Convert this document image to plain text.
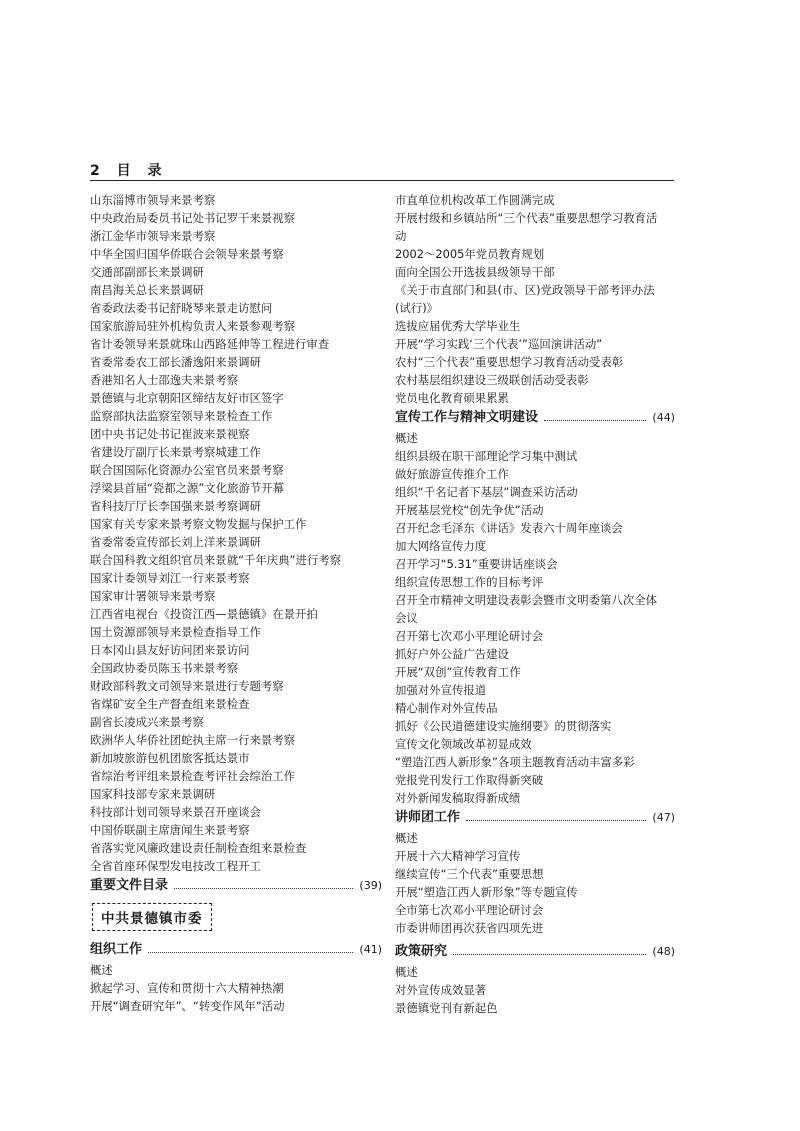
2 目 录
山东淄博市领导来景考察
中央政治局委员书记处书记罗干来景视察
浙江金华市领导来景考察
中华全国归国华侨联合会领导来景考察
交通部副部长来景调研
南昌海关总长来景调研
省委政法委书记舒晓琴来景走访慰问
国家旅游局驻外机构负责人来景参观考察
省计委领导来景就珠山西路延伸等工程进行审查
省委常委农工部长潘逸阳来景调研
香港知名人士邵逸夫来景考察
景德镇与北京朝阳区缔结友好市区签字
监察部执法监察室领导来景检查工作
团中央书记处书记崔波来景视察
省建设厅副厅长来景考察城建工作
联合国国际化资源办公室官员来景考察
浮梁县首届“瓷都之源”文化旅游节开幕
省科技厅厅长李国强来景考察调研
国家有关专家来景考察文物发掘与保护工作
省委常委宣传部长刘上洋来景调研
联合国科教文组织官员来景就“千年庆典”进行考察
国家计委领导刘江一行来景考察
国家审计署领导来景考察
江西省电视台《投资江西—景德镇》在景开拍
国土资源部领导来景检查指导工作
日本冈山县友好访问团来景访问
全国政协委员陈玉书来景考察
财政部科教文司领导来景进行专题考察
省煤矿安全生产督查组来景检查
副省长凌成兴来景考察
欧洲华人华侨社团蛇执主席一行来景考察
新加坡旅游包机团旅客抵达景市
省综治考评组来景检查考评社会综治工作
国家科技部专家来景调研
科技部计划司领导来景召开座谈会
中国侨联副主席唐闻生来景考察
省落实党风廉政建设责任制检查组来景检查
全省首座环保型发电技改工程开工
重要文件目录	(39)
中共景德镇市委
组织工作	(41)
概述
掀起学习、宣传和贯彻十六大精神热潮
开展“调查研究年”、“转变作风年”活动
市直单位机构改革工作圆满完成
开展村级和乡镇站所“三个代表”重要思想学习教育活
动
2002～2005年党员教育规划
面向全国公开选拔县级领导干部
《关于市直部门和县(市、区)党政领导干部考评办法
(试行)》
选拔应届优秀大学毕业生
开展“学习实践‘三个代表’”巡回演讲活动”
农村“三个代表”重要思想学习教育活动受表彰
农村基层组织建设三级联创活动受表彰
党员电化教育硕果累累
宣传工作与精神文明建设	(44)
概述
组织县级在职干部理论学习集中测试
做好旅游宣传推介工作
组织“千名记者下基层”调查采访活动
开展基层党校“创先争优”活动
召开纪念毛泽东《讲话》发表六十周年座谈会
加大网络宣传力度
召开学习“5.31”重要讲话座谈会
组织宣传思想工作的目标考评
召开全市精神文明建设表彰会暨市文明委第八次全体
会议
召开第七次邓小平理论研讨会
抓好户外公益广告建设
开展“双创”宣传教育工作
加强对外宣传报道
精心制作对外宣传品
抓好《公民道德建设实施纲要》的贯彻落实
宣传文化领域改革初显成效
“塑造江西人新形象”各项主题教育活动丰富多彩
党报党刊发行工作取得新突破
对外新闻发稿取得新成绩
讲师团工作	(47)
概述
开展十六大精神学习宣传
继续宣传“三个代表”重要思想
开展“塑造江西人新形象”等专题宣传
全市第七次邓小平理论研讨会
市委讲师团再次获省四项先进
政策研究	(48)
概述
对外宣传成效显著
景德镇党刊有新起色
